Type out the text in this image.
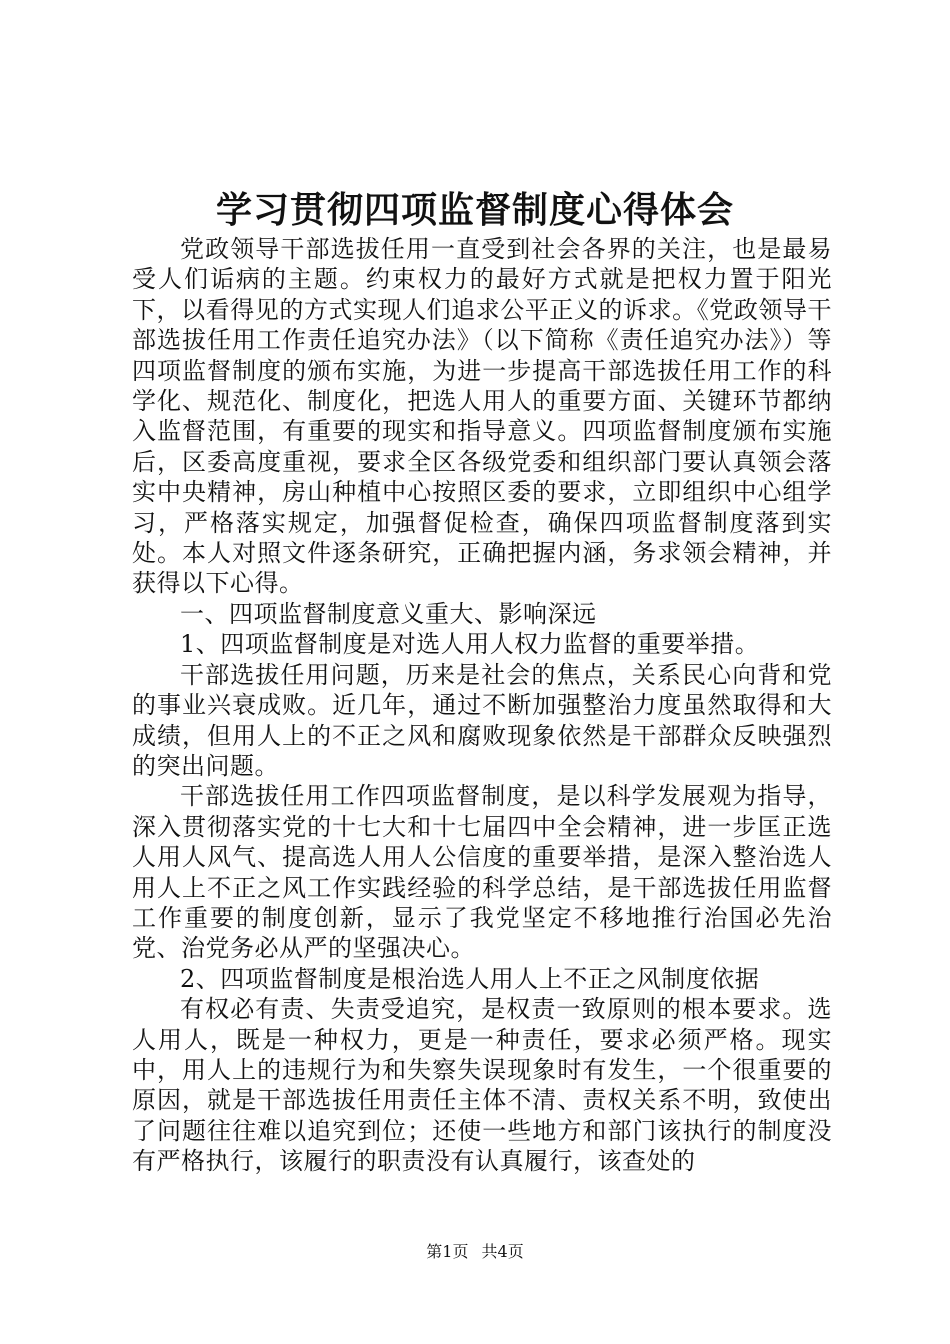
学习贯彻四项监督制度心得体会

党政领导干部选拔任用一直受到社会各界的关注，也是最易受人们诟病的主题。约束权力的最好方式就是把权力置于阳光下，以看得见的方式实现人们追求公平正义的诉求。《党政领导干部选拔任用工作责任追究办法》（以下简称《责任追究办法》）等四项监督制度的颁布实施，为进一步提高干部选拔任用工作的科学化、规范化、制度化，把选人用人的重要方面、关键环节都纳入监督范围，有重要的现实和指导意义。四项监督制度颁布实施后，区委高度重视，要求全区各级党委和组织部门要认真领会落实中央精神，房山种植中心按照区委的要求，立即组织中心组学习，严格落实规定，加强督促检查，确保四项监督制度落到实处。本人对照文件逐条研究，正确把握内涵，务求领会精神，并获得以下心得。

一、四项监督制度意义重大、影响深远

1、四项监督制度是对选人用人权力监督的重要举措。

干部选拔任用问题，历来是社会的焦点，关系民心向背和党的事业兴衰成败。近几年，通过不断加强整治力度虽然取得和大成绩，但用人上的不正之风和腐败现象依然是干部群众反映强烈的突出问题。

干部选拔任用工作四项监督制度，是以科学发展观为指导，深入贯彻落实党的十七大和十七届四中全会精神，进一步匡正选人用人风气、提高选人用人公信度的重要举措，是深入整治选人用人上不正之风工作实践经验的科学总结，是干部选拔任用监督工作重要的制度创新，显示了我党坚定不移地推行治国必先治党、治党务必从严的坚强决心。

2、四项监督制度是根治选人用人上不正之风制度依据

有权必有责、失责受追究，是权责一致原则的根本要求。选人用人，既是一种权力，更是一种责任，要求必须严格。现实中，用人上的违规行为和失察失误现象时有发生，一个很重要的原因，就是干部选拔任用责任主体不清、责权关系不明，致使出了问题往往难以追究到位；还使一些地方和部门该执行的制度没有严格执行，该履行的职责没有认真履行，该查处的

第1页 共4页
